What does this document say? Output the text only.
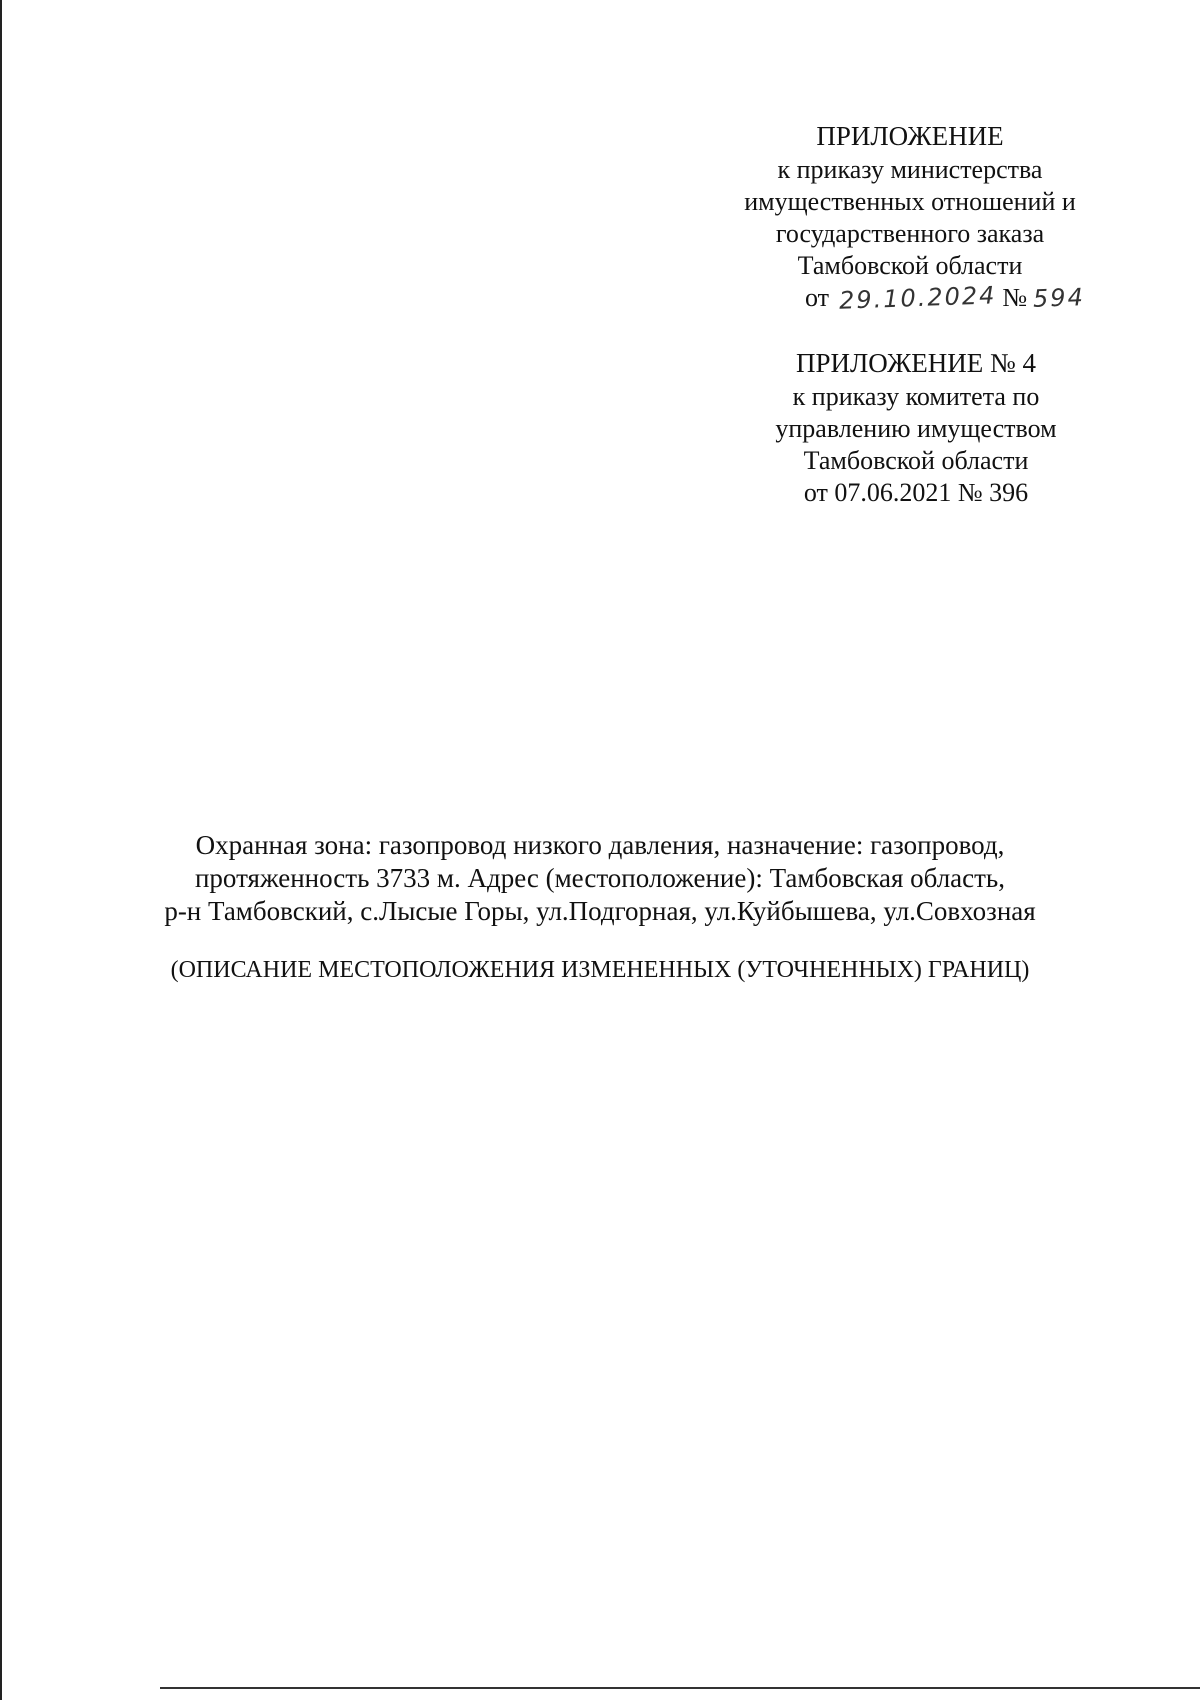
ПРИЛОЖЕНИЕ
к приказу министерства
имущественных отношений и
государственного заказа
Тамбовской области
от 29.10.2024 № 594
ПРИЛОЖЕНИЕ № 4
к приказу комитета по
управлению имуществом
Тамбовской области
от 07.06.2021 № 396
Охранная зона: газопровод низкого давления, назначение: газопровод,
протяженность 3733 м. Адрес (местоположение): Тамбовская область,
р-н Тамбовский, с.Лысые Горы, ул.Подгорная, ул.Куйбышева, ул.Совхозная
(ОПИСАНИЕ МЕСТОПОЛОЖЕНИЯ ИЗМЕНЕННЫХ (УТОЧНЕННЫХ) ГРАНИЦ)
